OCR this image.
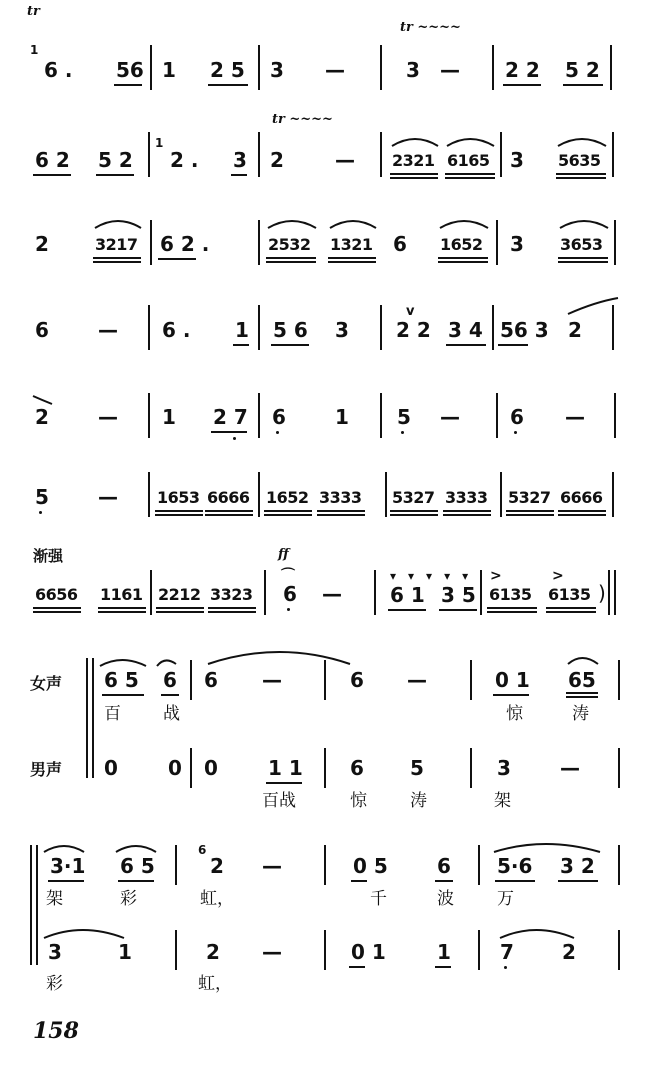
tr
1
6 . 56 1 2 5 3 —
tr ~~~~
3 — 2 2 5 2
6 2 5 2
1
2 . 3
tr ~~~~
2	— 2321 6165 3 5635
2	3217 6 2 .	2532 1321 6 1652 3 3653
6 — 6 . 1 5 6 3
v
2 2 3 4 56 3 2
2 — 1 2 7 6 1 5 —	6 —
5 — 1653 6666 1652 3333 5327 3333 5327 6666
渐强	ff
6656 1161 2212 3323
⌒
6 —
▾▾▾▾▾
6 1 3 5
>	>
6135 6135 )
女声
男声
6 5 6 6 —	6 —	0 1 65
百 战	惊	涛
0	0 0	1 1 6 5	3 —
百战	惊	涛	架
3·1 6 5
6
2 —	0 5 6 5·6 3 2
架	彩	虹，	千	波	万
3	1	2 —	0 1	1 7 2
彩	虹，
158
